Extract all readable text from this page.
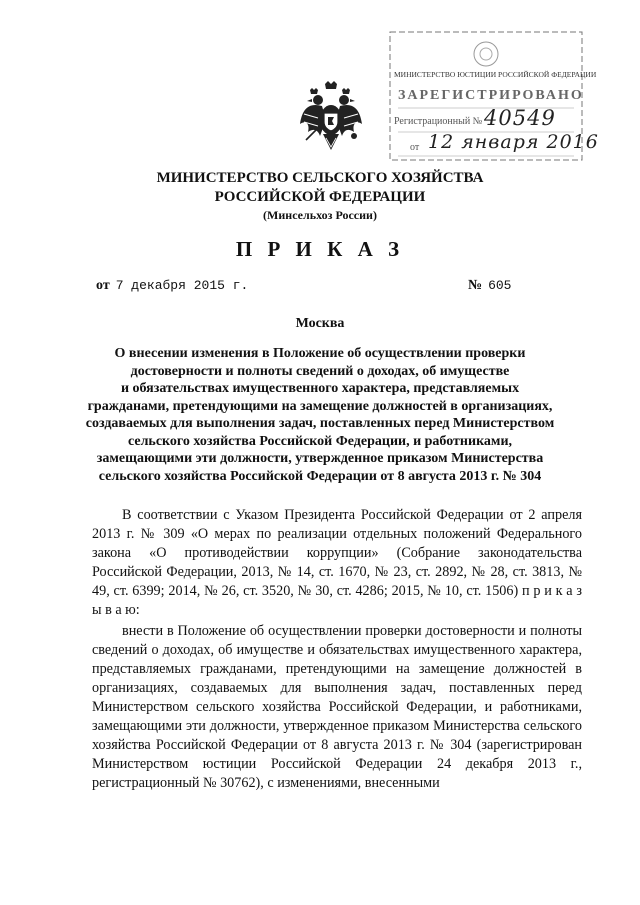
МИНИСТЕРСТВО ЮСТИЦИИ РОССИЙСКОЙ ФЕДЕРАЦИИ
ЗАРЕГИСТРИРОВАНО
Регистрационный № 40549
от 12 января 2016
МИНИСТЕРСТВО СЕЛЬСКОГО ХОЗЯЙСТВА
РОССИЙСКОЙ ФЕДЕРАЦИИ
(Минсельхоз России)
П Р И К А З
от 7 декабря 2015 г.	№ 605
Москва
О внесении изменения в Положение об осуществлении проверки
достоверности и полноты сведений о доходах, об имуществе
и обязательствах имущественного характера, представляемых
гражданами, претендующими на замещение должностей в организациях,
создаваемых для выполнения задач, поставленных перед Министерством
сельского хозяйства Российской Федерации, и работниками,
замещающими эти должности, утвержденное приказом Министерства
сельского хозяйства Российской Федерации от 8 августа 2013 г. № 304

В соответствии с Указом Президента Российской Федерации от 2 апреля 2013 г. № 309 «О мерах по реализации отдельных положений Федерального закона «О противодействии коррупции» (Собрание законодательства Российской Федерации, 2013, № 14, ст. 1670, № 23, ст. 2892, № 28, ст. 3813, № 49, ст. 6399; 2014, № 26, ст. 3520, № 30, ст. 4286; 2015, № 10, ст. 1506) п р и к а з ы в а ю:

внести в Положение об осуществлении проверки достоверности и полноты сведений о доходах, об имуществе и обязательствах имущественного характера, представляемых гражданами, претендующими на замещение должностей в организациях, создаваемых для выполнения задач, поставленных перед Министерством сельского хозяйства Российской Федерации, и работниками, замещающими эти должности, утвержденное приказом Министерства сельского хозяйства Российской Федерации от 8 августа 2013 г. № 304 (зарегистрирован Министерством юстиции Российской Федерации 24 декабря 2013 г., регистрационный № 30762), с изменениями, внесенными
